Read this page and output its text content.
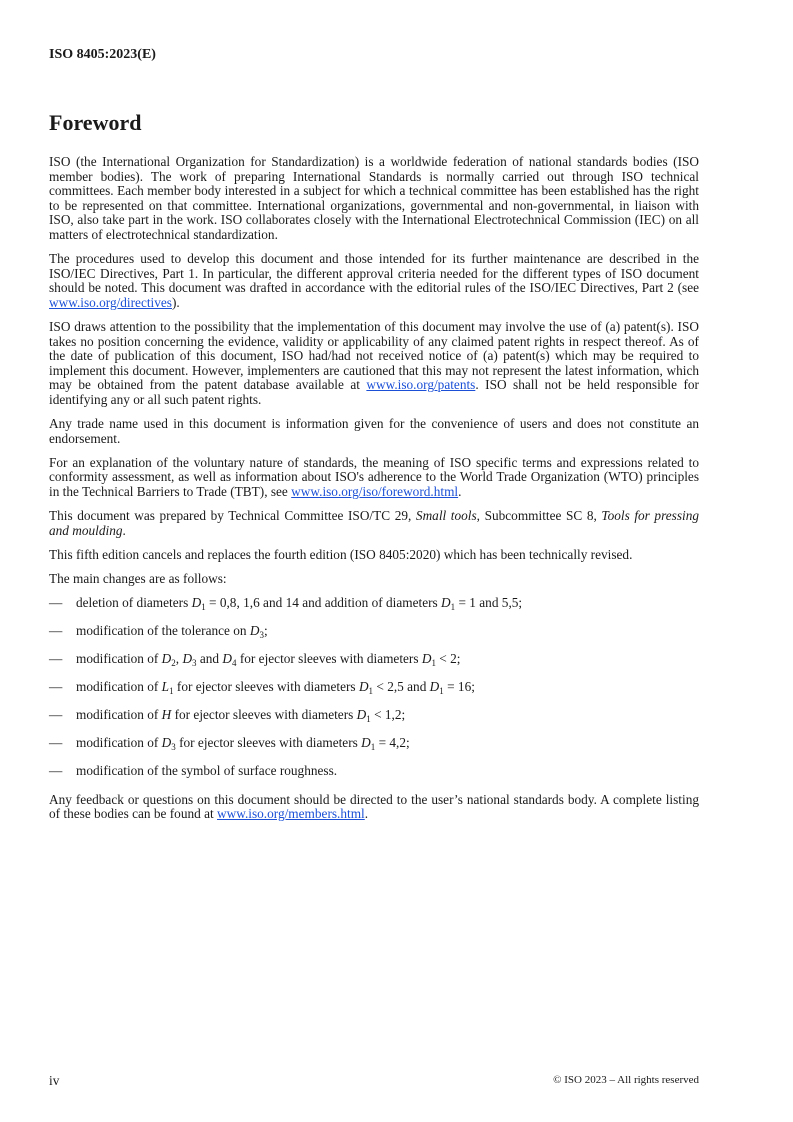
ISO 8405:2023(E)
Foreword

ISO (the International Organization for Standardization) is a worldwide federation of national standards bodies (ISO member bodies). The work of preparing International Standards is normally carried out through ISO technical committees. Each member body interested in a subject for which a technical committee has been established has the right to be represented on that committee. International organizations, governmental and non-governmental, in liaison with ISO, also take part in the work. ISO collaborates closely with the International Electrotechnical Commission (IEC) on all matters of electrotechnical standardization.

The procedures used to develop this document and those intended for its further maintenance are described in the ISO/IEC Directives, Part 1. In particular, the different approval criteria needed for the different types of ISO document should be noted. This document was drafted in accordance with the editorial rules of the ISO/IEC Directives, Part 2 (see www.iso.org/directives).

ISO draws attention to the possibility that the implementation of this document may involve the use of (a) patent(s). ISO takes no position concerning the evidence, validity or applicability of any claimed patent rights in respect thereof. As of the date of publication of this document, ISO had/had not received notice of (a) patent(s) which may be required to implement this document. However, implementers are cautioned that this may not represent the latest information, which may be obtained from the patent database available at www.iso.org/patents. ISO shall not be held responsible for identifying any or all such patent rights.

Any trade name used in this document is information given for the convenience of users and does not constitute an endorsement.

For an explanation of the voluntary nature of standards, the meaning of ISO specific terms and expressions related to conformity assessment, as well as information about ISO's adherence to the World Trade Organization (WTO) principles in the Technical Barriers to Trade (TBT), see www.iso.org/iso/foreword.html.

This document was prepared by Technical Committee ISO/TC 29, Small tools, Subcommittee SC 8, Tools for pressing and moulding.

This fifth edition cancels and replaces the fourth edition (ISO 8405:2020) which has been technically revised.

The main changes are as follows:

—	deletion of diameters $D_1 = 0,8$, 1,6 and 14 and addition of diameters $D_1 = 1$ and 5,5;
—	modification of the tolerance on $D_3$;
—	modification of $D_2$, $D_3$ and $D_4$ for ejector sleeves with diameters $D_1 < 2$;
—	modification of $L_1$ for ejector sleeves with diameters $D_1 < 2,5$ and $D_1 = 16$;
—	modification of H for ejector sleeves with diameters $D_1 < 1,2$;
—	modification of $D_3$ for ejector sleeves with diameters $D_1 = 4,2$;
—	modification of the symbol of surface roughness.

Any feedback or questions on this document should be directed to the user’s national standards body. A complete listing of these bodies can be found at www.iso.org/members.html.

iv	© ISO 2023 – All rights reserved
